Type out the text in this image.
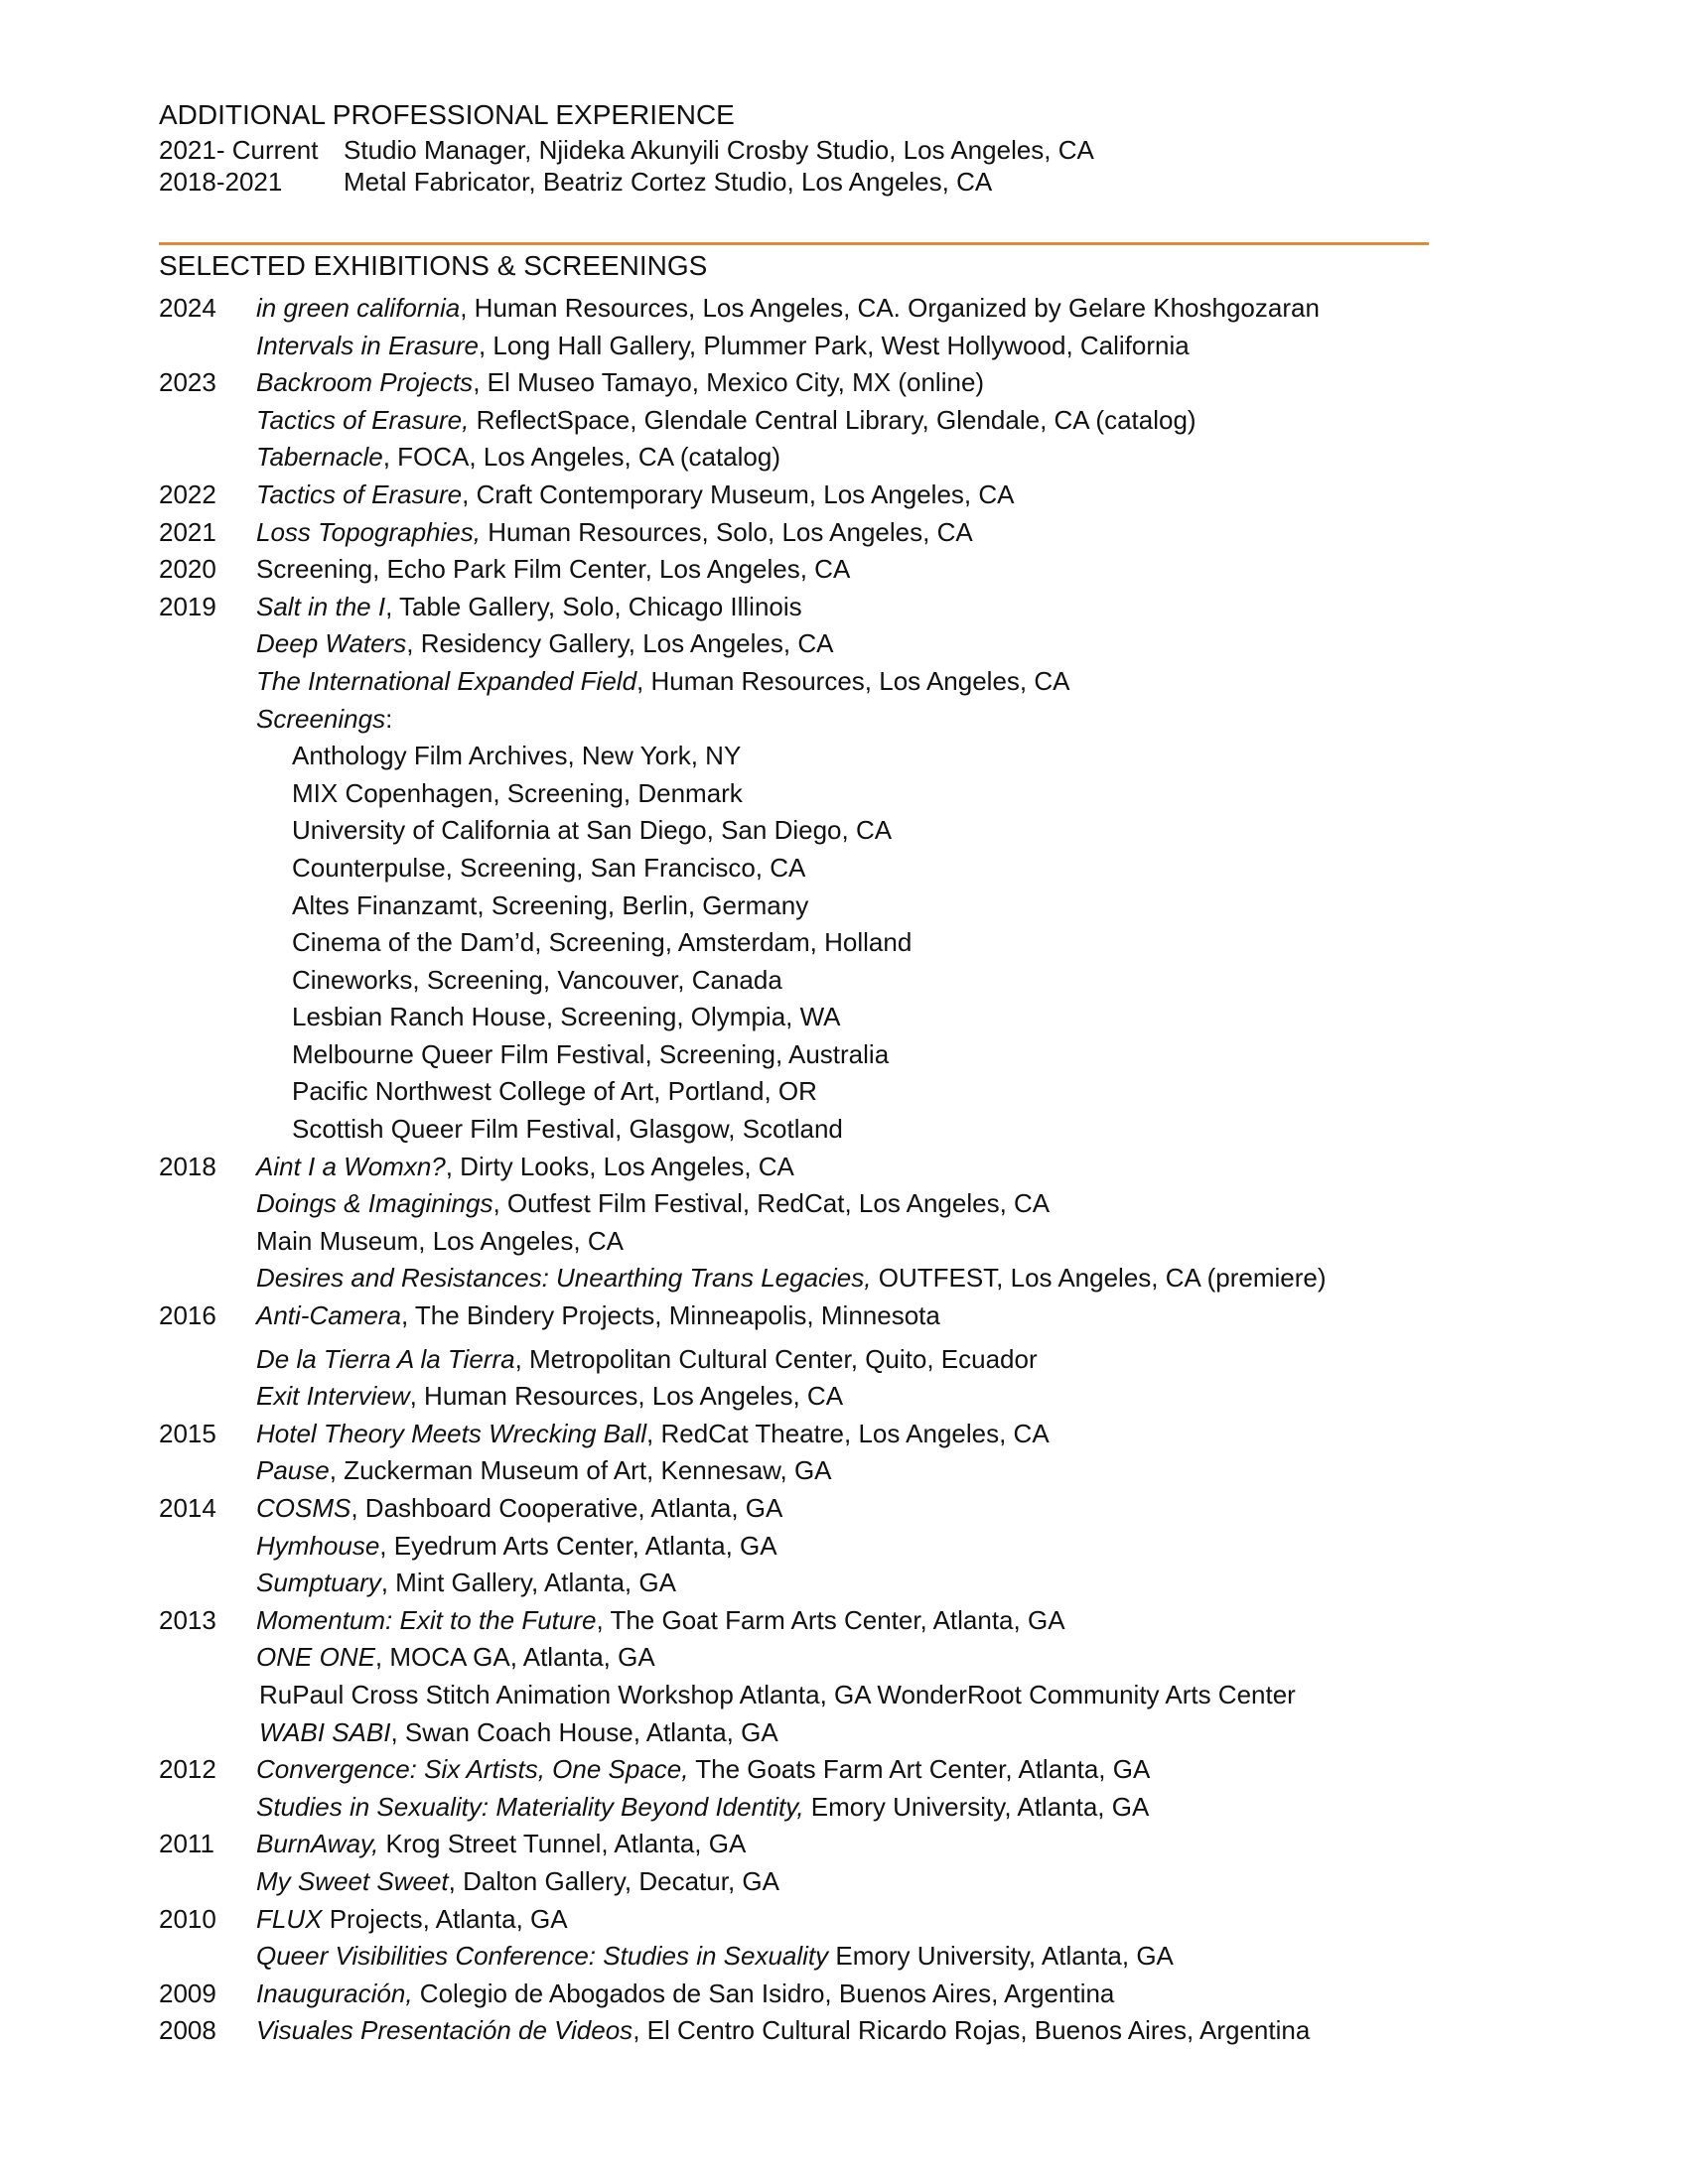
ADDITIONAL PROFESSIONAL EXPERIENCE
2021- Current Studio Manager, Njideka Akunyili Crosby Studio, Los Angeles, CA
2018-2021 Metal Fabricator, Beatriz Cortez Studio, Los Angeles, CA
SELECTED EXHIBITIONS & SCREENINGS
2024 in green california, Human Resources, Los Angeles, CA. Organized by Gelare Khoshgozaran
Intervals in Erasure, Long Hall Gallery, Plummer Park, West Hollywood, California
2023 Backroom Projects, El Museo Tamayo, Mexico City, MX (online)
Tactics of Erasure, ReflectSpace, Glendale Central Library, Glendale, CA (catalog)
Tabernacle, FOCA, Los Angeles, CA (catalog)
2022 Tactics of Erasure, Craft Contemporary Museum, Los Angeles, CA
2021 Loss Topographies, Human Resources, Solo, Los Angeles, CA
2020 Screening, Echo Park Film Center, Los Angeles, CA
2019 Salt in the I, Table Gallery, Solo, Chicago Illinois
Deep Waters, Residency Gallery, Los Angeles, CA
The International Expanded Field, Human Resources, Los Angeles, CA
Screenings:
Anthology Film Archives, New York, NY
MIX Copenhagen, Screening, Denmark
University of California at San Diego, San Diego, CA
Counterpulse, Screening, San Francisco, CA
Altes Finanzamt, Screening, Berlin, Germany
Cinema of the Dam’d, Screening, Amsterdam, Holland
Cineworks, Screening, Vancouver, Canada
Lesbian Ranch House, Screening, Olympia, WA
Melbourne Queer Film Festival, Screening, Australia
Pacific Northwest College of Art, Portland, OR
Scottish Queer Film Festival, Glasgow, Scotland
2018 Aint I a Womxn?, Dirty Looks, Los Angeles, CA
Doings & Imaginings, Outfest Film Festival, RedCat, Los Angeles, CA
Main Museum, Los Angeles, CA
Desires and Resistances: Unearthing Trans Legacies, OUTFEST, Los Angeles, CA (premiere)
2016 Anti-Camera, The Bindery Projects, Minneapolis, Minnesota
De la Tierra A la Tierra, Metropolitan Cultural Center, Quito, Ecuador
Exit Interview, Human Resources, Los Angeles, CA
2015 Hotel Theory Meets Wrecking Ball, RedCat Theatre, Los Angeles, CA
Pause, Zuckerman Museum of Art, Kennesaw, GA
2014 COSMS, Dashboard Cooperative, Atlanta, GA
Hymhouse, Eyedrum Arts Center, Atlanta, GA
Sumptuary, Mint Gallery, Atlanta, GA
2013 Momentum: Exit to the Future, The Goat Farm Arts Center, Atlanta, GA
ONE ONE, MOCA GA, Atlanta, GA
RuPaul Cross Stitch Animation Workshop Atlanta, GA WonderRoot Community Arts Center
WABI SABI, Swan Coach House, Atlanta, GA
2012 Convergence: Six Artists, One Space, The Goats Farm Art Center, Atlanta, GA
Studies in Sexuality: Materiality Beyond Identity, Emory University, Atlanta, GA
2011 BurnAway, Krog Street Tunnel, Atlanta, GA
My Sweet Sweet, Dalton Gallery, Decatur, GA
2010 FLUX Projects, Atlanta, GA
Queer Visibilities Conference: Studies in Sexuality Emory University, Atlanta, GA
2009 Inauguración, Colegio de Abogados de San Isidro, Buenos Aires, Argentina
2008 Visuales Presentación de Videos, El Centro Cultural Ricardo Rojas, Buenos Aires, Argentina
